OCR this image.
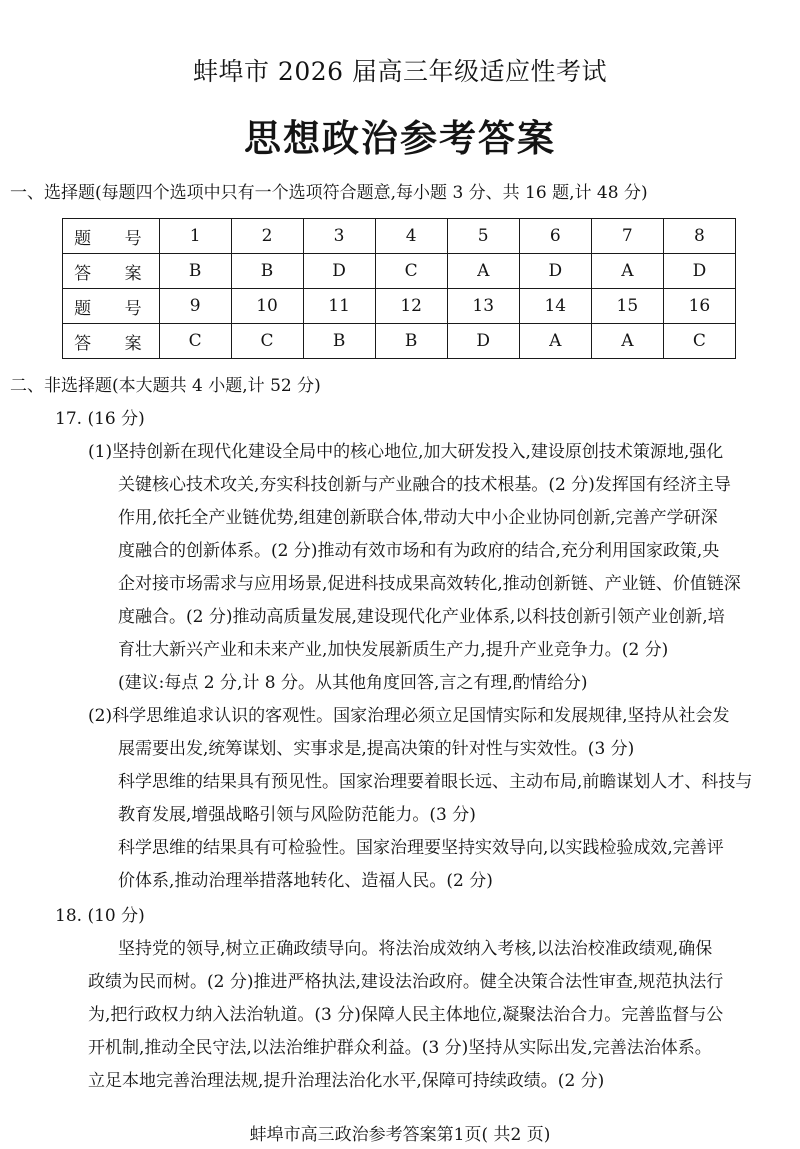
蚌埠市 2026 届高三年级适应性考试
思想政治参考答案
一、选择题(每题四个选项中只有一个选项符合题意,每小题 3 分、共 16 题,计 48 分)
题 号	1	2	3	4	5	6	7	8
答 案	B	B	D	C	A	D	A	D
题 号	9	10	11	12	13	14	15	16
答 案	C	C	B	B	D	A	A	C
二、非选择题(本大题共 4 小题,计 52 分)
17. (16 分)
(1)坚持创新在现代化建设全局中的核心地位,加大研发投入,建设原创技术策源地,强化
关键核心技术攻关,夯实科技创新与产业融合的技术根基。(2 分)发挥国有经济主导
作用,依托全产业链优势,组建创新联合体,带动大中小企业协同创新,完善产学研深
度融合的创新体系。(2 分)推动有效市场和有为政府的结合,充分利用国家政策,央
企对接市场需求与应用场景,促进科技成果高效转化,推动创新链、产业链、价值链深
度融合。(2 分)推动高质量发展,建设现代化产业体系,以科技创新引领产业创新,培
育壮大新兴产业和未来产业,加快发展新质生产力,提升产业竞争力。(2 分)
(建议:每点 2 分,计 8 分。从其他角度回答,言之有理,酌情给分)
(2)科学思维追求认识的客观性。国家治理必须立足国情实际和发展规律,坚持从社会发
展需要出发,统筹谋划、实事求是,提高决策的针对性与实效性。(3 分)
科学思维的结果具有预见性。国家治理要着眼长远、主动布局,前瞻谋划人才、科技与
教育发展,增强战略引领与风险防范能力。(3 分)
科学思维的结果具有可检验性。国家治理要坚持实效导向,以实践检验成效,完善评
价体系,推动治理举措落地转化、造福人民。(2 分)
18. (10 分)
坚持党的领导,树立正确政绩导向。将法治成效纳入考核,以法治校准政绩观,确保
政绩为民而树。(2 分)推进严格执法,建设法治政府。健全决策合法性审查,规范执法行
为,把行政权力纳入法治轨道。(3 分)保障人民主体地位,凝聚法治合力。完善监督与公
开机制,推动全民守法,以法治维护群众利益。(3 分)坚持从实际出发,完善法治体系。
立足本地完善治理法规,提升治理法治化水平,保障可持续政绩。(2 分)
蚌埠市高三政治参考答案第1页( 共2 页)
